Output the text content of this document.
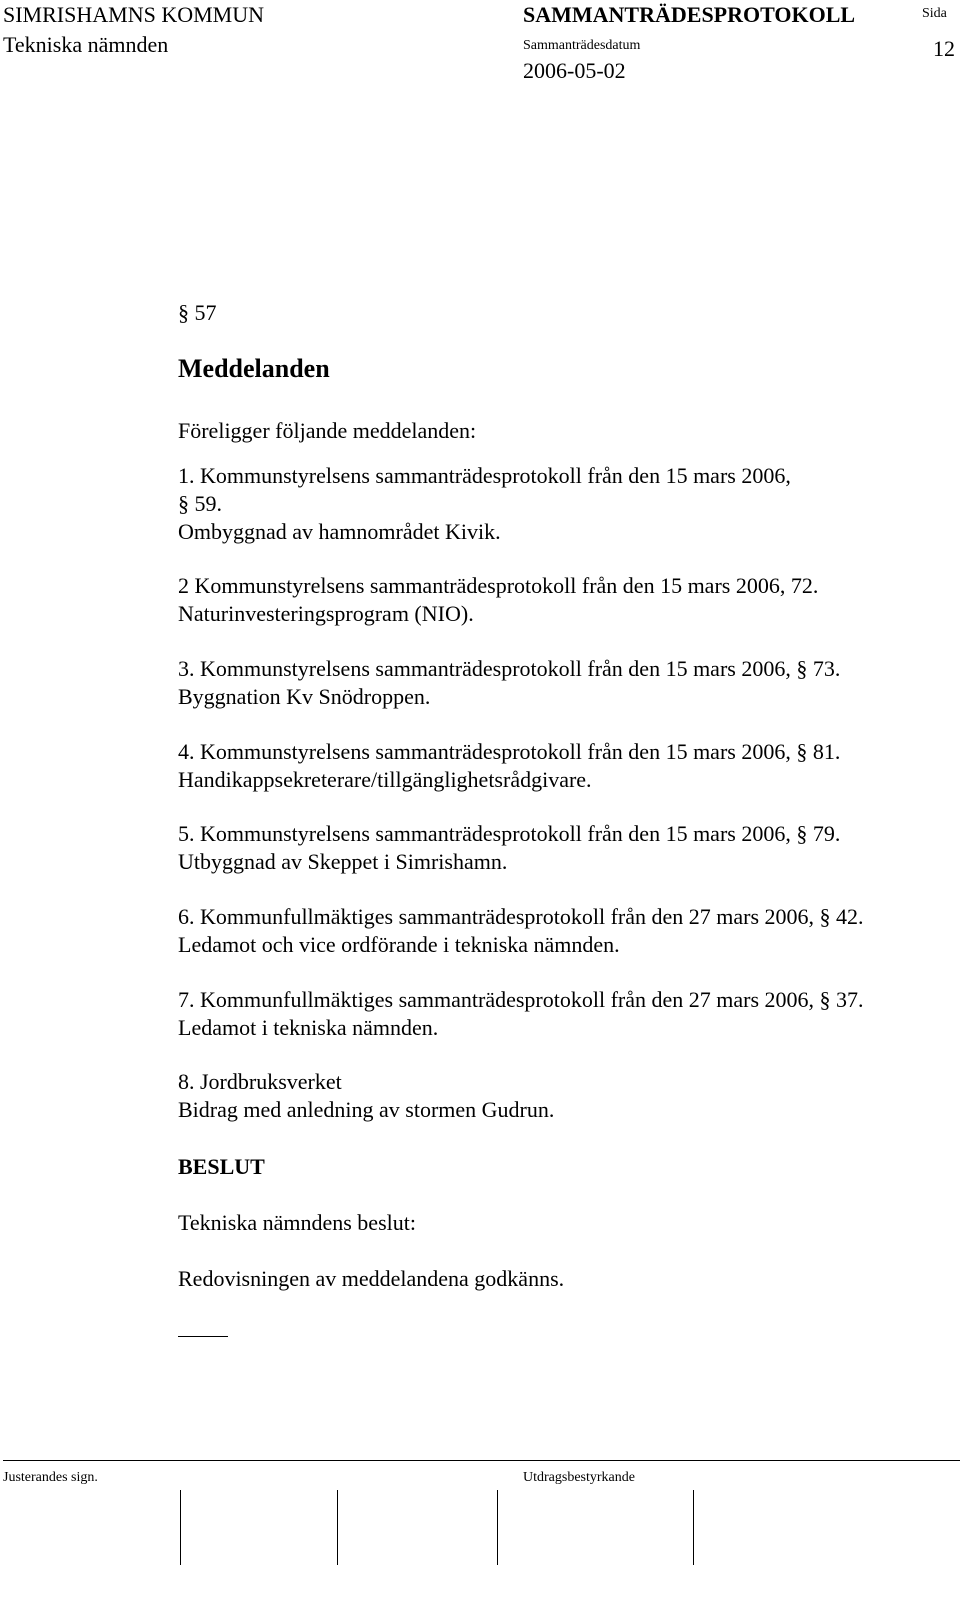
SIMRISHAMNS KOMMUN
Tekniska nämnden
SAMMANTRÄDESPROTOKOLL
Sammanträdesdatum
2006-05-02
Sida
12
§ 57
Meddelanden
Föreligger följande meddelanden:
1. Kommunstyrelsens sammanträdesprotokoll från den 15 mars 2006,
§ 59.
Ombyggnad av hamnområdet Kivik.
2 Kommunstyrelsens sammanträdesprotokoll från den 15 mars 2006, 72.
Naturinvesteringsprogram (NIO).
3. Kommunstyrelsens sammanträdesprotokoll från den 15 mars 2006, § 73.
Byggnation Kv Snödroppen.
4. Kommunstyrelsens sammanträdesprotokoll från den 15 mars 2006, § 81.
Handikappsekreterare/tillgänglighetsrådgivare.
5. Kommunstyrelsens sammanträdesprotokoll från den 15 mars 2006, § 79.
Utbyggnad av Skeppet i Simrishamn.
6. Kommunfullmäktiges sammanträdesprotokoll från den 27 mars 2006, § 42.
Ledamot och vice ordförande i tekniska nämnden.
7. Kommunfullmäktiges sammanträdesprotokoll från den 27 mars 2006, § 37.
Ledamot i tekniska nämnden.
8. Jordbruksverket
Bidrag med anledning av stormen Gudrun.
BESLUT
Tekniska nämndens beslut:
Redovisningen av meddelandena godkänns.
Justerandes sign.	Utdragsbestyrkande
